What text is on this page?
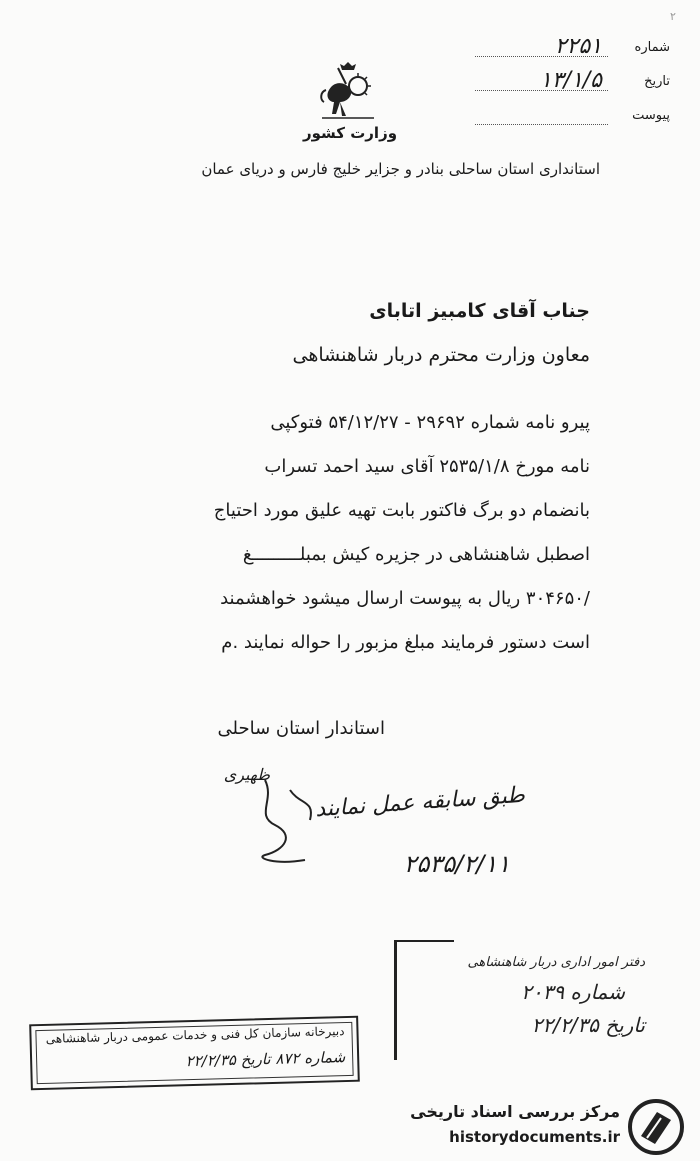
۲
شماره
۲۲۵۱
تاریخ
۱۳/۱/۵
پیوست
وزارت کشور
استانداری استان ساحلی بنادر و جزایر خلیج فارس و دریای عمان
جناب آقای کامبیز اتابای
معاون وزارت محترم دربار شاهنشاهی
پیرو نامه شماره ۲۹۶۹۲ - ۵۴/۱۲/۲۷ فتوکپی
نامه مورخ ۲۵۳۵/۱/۸ آقای سید احمد تسراب
بانضمام دو برگ فاکتور بابت تهیه علیق مورد احتیاج
اصطبل شاهنشاهی در جزیره کیش بمبلـــــــــغ
/۳۰۴۶۵۰ ریال به پیوست ارسال میشود خواهشمند
است دستور فرمایند مبلغ مزبور را حواله نمایند .م
استاندار استان ساحلی
ظهیری
طبق سابقه عمل نمایند
۲۵۳۵/۲/۱۱
دفتر امور اداری دربار شاهنشاهی
شماره ۲۰۳۹
تاریخ ۲۲/۲/۳۵
دبیرخانه سازمان کل فنی و خدمات عمومی دربار شاهنشاهی
شماره ۸۷۲ تاریخ ۲۲/۲/۳۵
مرکز بررسی اسناد تاریخی
historydocuments.ir
